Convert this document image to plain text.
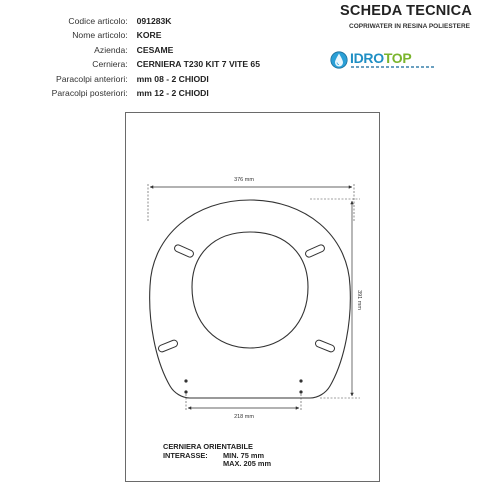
Codice articolo:	091283K
Nome articolo:	KORE
Azienda:	CESAME
Cerniera:	CERNIERA T230 KIT 7 VITE 65
Paracolpi anteriori:	mm 08 - 2 CHIODI
Paracolpi posteriori:	mm 12 - 2 CHIODI
SCHEDA TECNICA
COPRIWATER IN RESINA POLIESTERE
IDROTOP
376 mm
391 mm
218 mm
CERNIERA ORIENTABILE
INTERASSE:	MIN. 75 mm
MAX. 205 mm
